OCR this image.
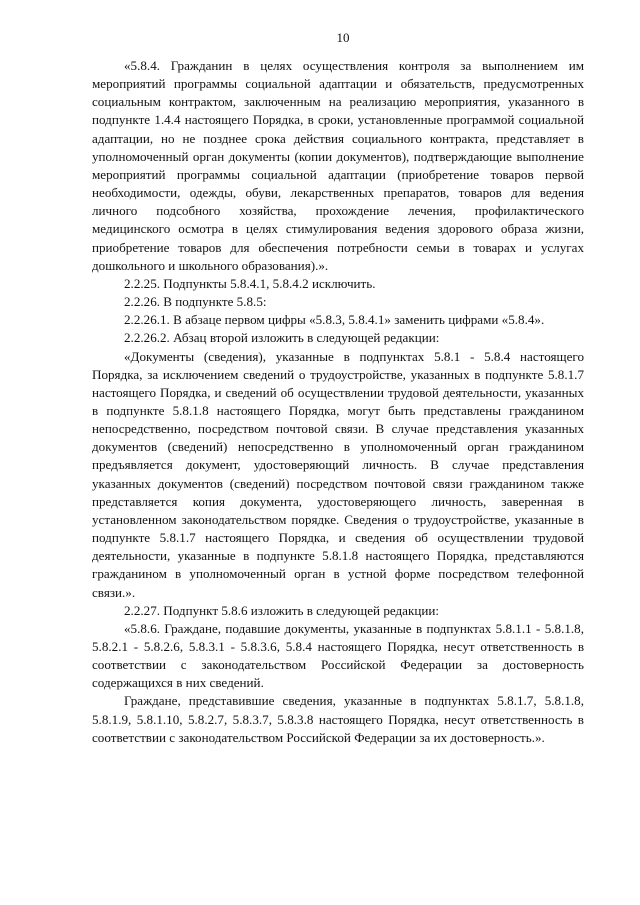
10

«5.8.4. Гражданин в целях осуществления контроля за выполнением им мероприятий программы социальной адаптации и обязательств, предусмотренных социальным контрактом, заключенным на реализацию мероприятия, указанного в подпункте 1.4.4 настоящего Порядка, в сроки, установленные программой социальной адаптации, но не позднее срока действия социального контракта, представляет в уполномоченный орган документы (копии документов), подтверждающие выполнение мероприятий программы социальной адаптации (приобретение товаров первой необходимости, одежды, обуви, лекарственных препаратов, товаров для ведения личного подсобного хозяйства, прохождение лечения, профилактического медицинского осмотра в целях стимулирования ведения здорового образа жизни, приобретение товаров для обеспечения потребности семьи в товарах и услугах дошкольного и школьного образования).».

2.2.25. Подпункты 5.8.4.1, 5.8.4.2 исключить.

2.2.26. В подпункте 5.8.5:

2.2.26.1. В абзаце первом цифры «5.8.3, 5.8.4.1» заменить цифрами «5.8.4».

2.2.26.2. Абзац второй изложить в следующей редакции:

«Документы (сведения), указанные в подпунктах 5.8.1 - 5.8.4 настоящего Порядка, за исключением сведений о трудоустройстве, указанных в подпункте 5.8.1.7 настоящего Порядка, и сведений об осуществлении трудовой деятельности, указанных в подпункте 5.8.1.8 настоящего Порядка, могут быть представлены гражданином непосредственно, посредством почтовой связи. В случае представления указанных документов (сведений) непосредственно в уполномоченный орган гражданином предъявляется документ, удостоверяющий личность. В случае представления указанных документов (сведений) посредством почтовой связи гражданином также представляется копия документа, удостоверяющего личность, заверенная в установленном законодательством порядке. Сведения о трудоустройстве, указанные в подпункте 5.8.1.7 настоящего Порядка, и сведения об осуществлении трудовой деятельности, указанные в подпункте 5.8.1.8 настоящего Порядка, представляются гражданином в уполномоченный орган в устной форме посредством телефонной связи.».

2.2.27. Подпункт 5.8.6 изложить в следующей редакции:

«5.8.6. Граждане, подавшие документы, указанные в подпунктах 5.8.1.1 - 5.8.1.8, 5.8.2.1 - 5.8.2.6, 5.8.3.1 - 5.8.3.6, 5.8.4 настоящего Порядка, несут ответственность в соответствии с законодательством Российской Федерации за достоверность содержащихся в них сведений.

Граждане, представившие сведения, указанные в подпунктах 5.8.1.7, 5.8.1.8, 5.8.1.9, 5.8.1.10, 5.8.2.7, 5.8.3.7, 5.8.3.8 настоящего Порядка, несут ответственность в соответствии с законодательством Российской Федерации за их достоверность.».
